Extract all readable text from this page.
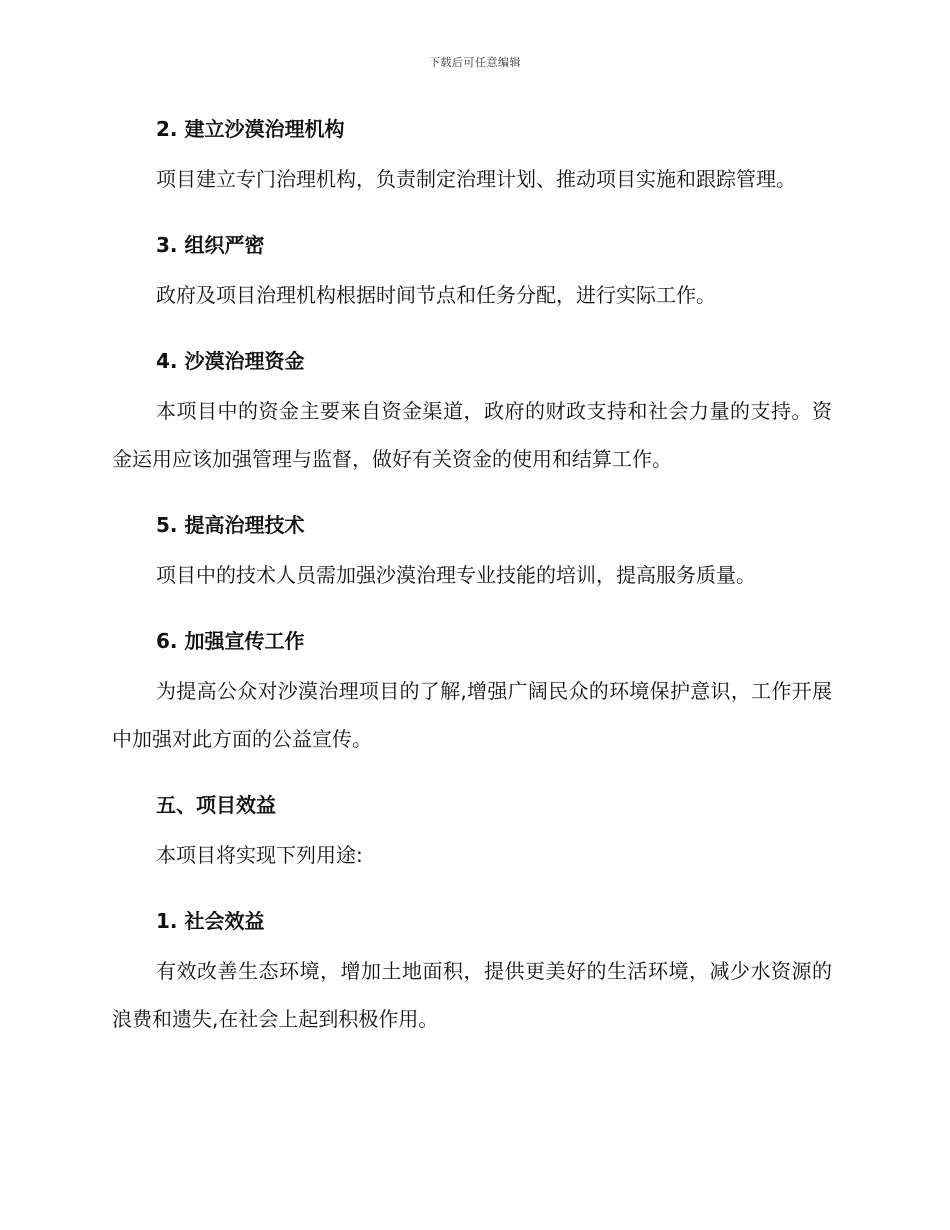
下载后可任意编辑

2. 建立沙漠治理机构

项目建立专门治理机构，负责制定治理计划、推动项目实施和跟踪管理。

3. 组织严密

政府及项目治理机构根据时间节点和任务分配，进行实际工作。

4. 沙漠治理资金

本项目中的资金主要来自资金渠道，政府的财政支持和社会力量的支持。资金运用应该加强管理与监督，做好有关资金的使用和结算工作。

5. 提高治理技术

项目中的技术人员需加强沙漠治理专业技能的培训，提高服务质量。

6. 加强宣传工作

为提高公众对沙漠治理项目的了解,增强广阔民众的环境保护意识，工作开展中加强对此方面的公益宣传。

五、项目效益

本项目将实现下列用途:

1. 社会效益

有效改善生态环境，增加土地面积，提供更美好的生活环境，减少水资源的浪费和遗失,在社会上起到积极作用。
